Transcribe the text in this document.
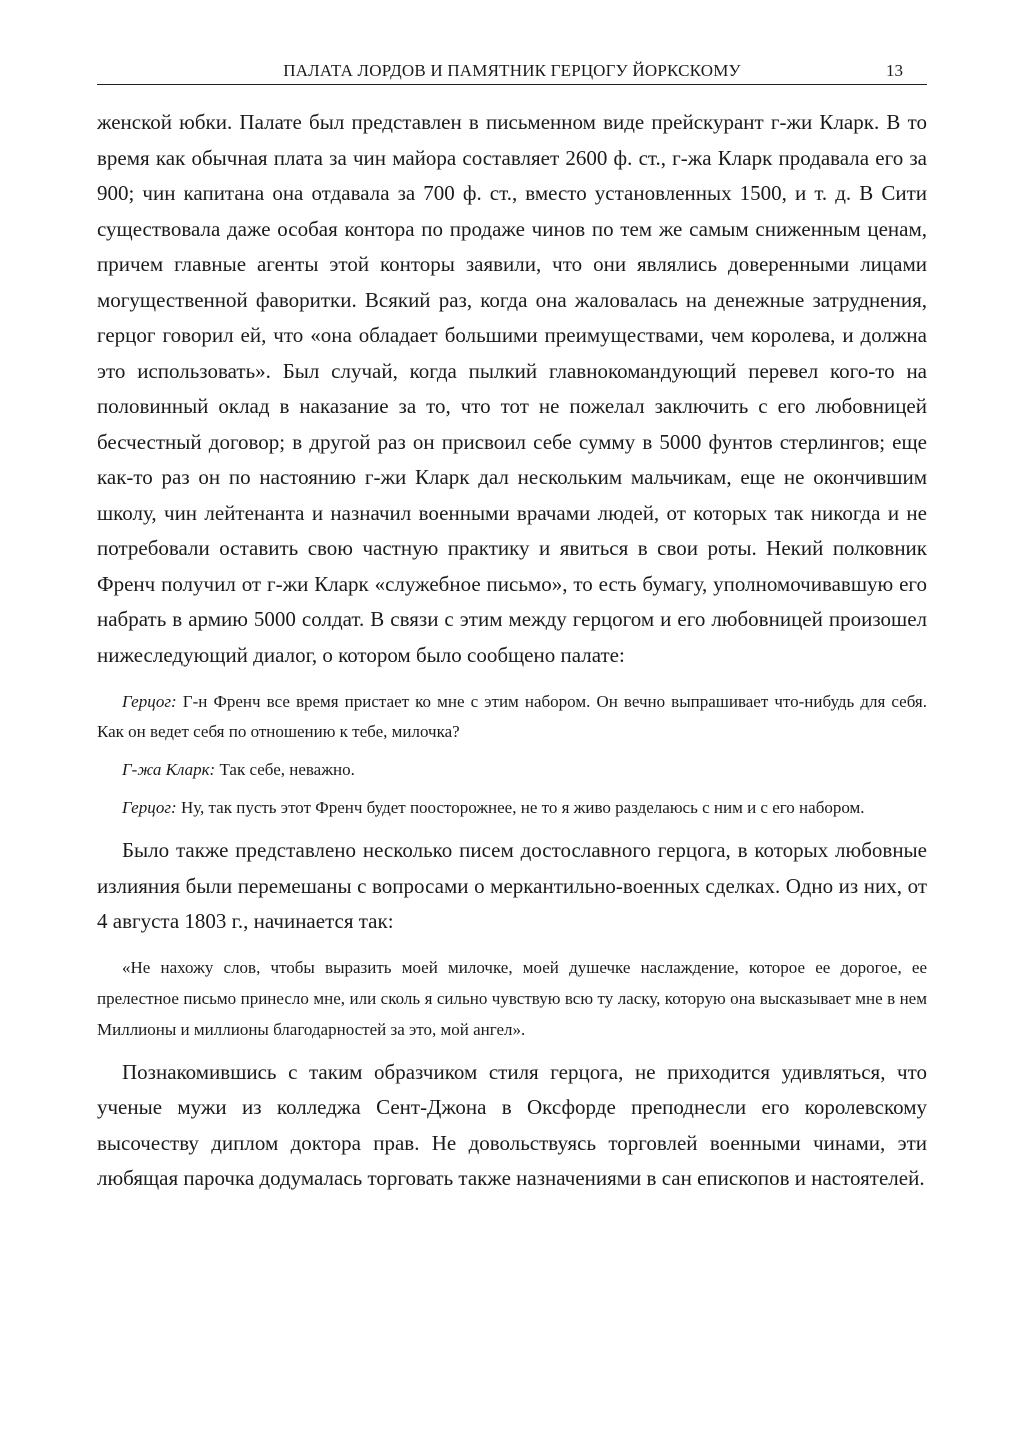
ПАЛАТА ЛОРДОВ И ПАМЯТНИК ГЕРЦОГУ ЙОРКСКОМУ	13

женской юбки. Палате был представлен в письменном виде прейскурант г-жи Кларк. В то время как обычная плата за чин майора составляет 2600 ф. ст., г-жа Кларк продавала его за 900; чин капитана она отдавала за 700 ф. ст., вместо установленных 1500, и т. д. В Сити существовала даже особая контора по продаже чинов по тем же самым сниженным ценам, причем главные агенты этой конторы заявили, что они являлись доверенными лицами могущественной фаворитки. Всякий раз, когда она жаловалась на денежные затруднения, герцог говорил ей, что «она обладает большими преимуществами, чем королева, и должна это использовать». Был случай, когда пылкий главнокомандующий перевел кого-то на половинный оклад в наказание за то, что тот не пожелал заключить с его любовницей бесчестный договор; в другой раз он присвоил себе сумму в 5000 фунтов стерлингов; еще как-то раз он по настоянию г-жи Кларк дал нескольким мальчикам, еще не окончившим школу, чин лейтенанта и назначил военными врачами людей, от которых так никогда и не потребовали оставить свою частную практику и явиться в свои роты. Некий полковник Френч получил от г-жи Кларк «служебное письмо», то есть бумагу, уполномочивавшую его набрать в армию 5000 солдат. В связи с этим между герцогом и его любовницей произошел нижеследующий диалог, о котором было сообщено палате:

Герцог: Г-н Френч все время пристает ко мне с этим набором. Он вечно выпрашивает что-нибудь для себя. Как он ведет себя по отношению к тебе, милочка?

Г-жа Кларк: Так себе, неважно.

Герцог: Ну, так пусть этот Френч будет поосторожнее, не то я живо разделаюсь с ним и с его набором.

Было также представлено несколько писем достославного герцога, в которых любовные излияния были перемешаны с вопросами о меркантильно-военных сделках. Одно из них, от 4 августа 1803 г., начинается так:

«Не нахожу слов, чтобы выразить моей милочке, моей душечке наслаждение, которое ее дорогое, ее прелестное письмо принесло мне, или сколь я сильно чувствую всю ту ласку, которую она высказывает мне в нем Миллионы и миллионы благодарностей за это, мой ангел».

Познакомившись с таким образчиком стиля герцога, не приходится удивляться, что ученые мужи из колледжа Сент-Джона в Оксфорде преподнесли его королевскому высочеству диплом доктора прав. Не довольствуясь торговлей военными чинами, эти любящая парочка додумалась торговать также назначениями в сан епископов и настоятелей.
